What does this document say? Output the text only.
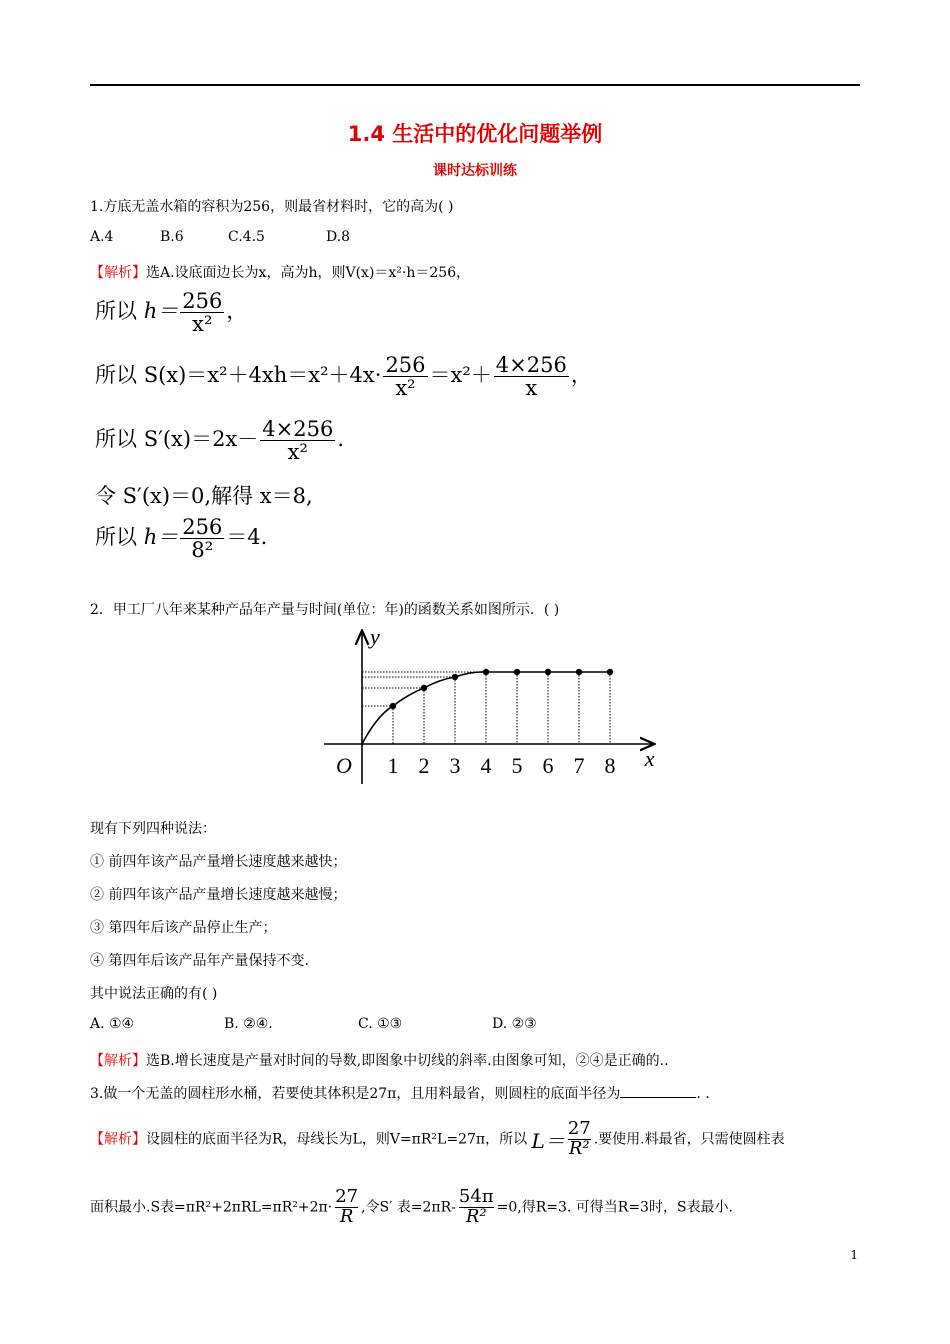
1.4 生活中的优化问题举例
课时达标训练
1.方底无盖水箱的容积为256，则最省材料时，它的高为( )
A.4	B.6	C.4.5	D.8
【解析】选A.设底面边长为x，高为h，则V(x)＝x²·h＝256，
所以 $h= \frac{256}{\text{x²}}$ ，
所以 $S(x)=x^2+4xh=x^2+4x\cdot \frac{256}{\text{x²}} =x^2+ \frac{4\times 256}{x}$ ，
所以 $S'(x)=2x- \frac{4\times 256}{\text{x²}}$ .
令 S′(x)＝0,解得 x＝8,
所以 $h= \frac{256}{\text{8²}} =4$.
2．甲工厂八年来某种产品年产量与时间(单位：年)的函数关系如图所示．( )
1 2 3 4 5 6 7 8
O	x
y
现有下列四种说法：
① 前四年该产品产量增长速度越来越快；
② 前四年该产品产量增长速度越来越慢；
③ 第四年后该产品停止生产；
④ 第四年后该产品年产量保持不变.
其中说法正确的有( )
A. ①④	B. ②④.	C. ①③	D. ②③
【解析】选B.增长速度是产量对时间的导数,即图象中切线的斜率.由图象可知，②④是正确的..
3.做一个无盖的圆柱形水桶，若要使其体积是27π，且用料最省，则圆柱的底面半径为	. .
【解析】设圆柱的底面半径为R，母线长为L，则V=πR²L=27π，所以 $L= \frac{27}{\text{R²}}$ .要使用.料最省，只需使圆柱表
面积最小.S表$=\pi R^2+2\pi RL=\pi R^2+2\pi\cdot \frac{27}{R}$ ,令S′ 表$=2\pi R- \frac{54\pi}{\text{R²}} =0$,得R=3. 可得当R=3时，S表最小.
1
